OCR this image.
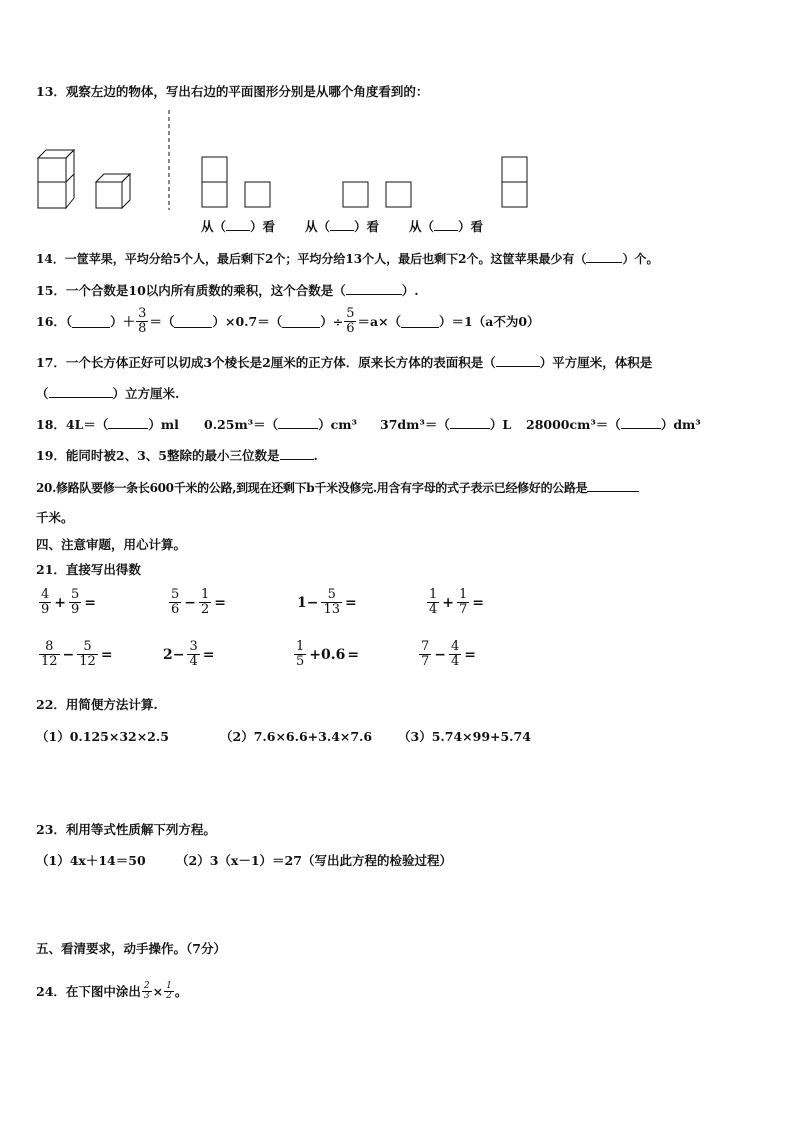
13．观察左边的物体，写出右边的平面图形分别是从哪个角度看到的：
从（ ）看 从（ ）看 从（ ）看
14．一筐苹果，平均分给5个人，最后剩下2个；平均分给13个人，最后也剩下2个。这筐苹果最少有（	）个。
15．一个合数是10以内所有质数的乘积，这个合数是（	）.
16．（	）＋ $\frac{3}{8}$ ＝（	）×0.7＝（	）÷ $\frac{5}{6} =a\times$（	）＝1（a不为0）
17．一个长方体正好可以切成3个棱长是2厘米的正方体．原来长方体的表面积是（	）平方厘米，体积是
（	）立方厘米.
18．4L＝（	）ml 0.25m³＝（	）cm³ 37dm³＝（	）L 28000cm³＝（	）dm³
19．能同时被2、3、5整除的最小三位数是	.
20.修路队要修一条长600千米的公路,到现在还剩下b千米没修完.用含有字母的式子表示已经修好的公路是
千米。
四、注意审题，用心计算。
21．直接写出得数
$\frac{4}{9} + \frac{5}{9}$ =	$\frac{5}{6} - \frac{1}{2}$ =	$1- \frac{5}{13}$ =	$\frac{1}{4} + \frac{1}{7}$ =
$\frac{8}{12} - \frac{5}{12}$ =	$2- \frac{3}{4}$ =	$\frac{1}{5} +0.6$ =	$\frac{7}{7} - \frac{4}{4}$ =
22．用简便方法计算.
（1）0.125×32×2.5	（2）7.6×6.6+3.4×7.6 （3）5.74×99+5.74
23．利用等式性质解下列方程。
（1）4x＋14＝50 （2）3（x－1）＝27（写出此方程的检验过程）
五、看清要求，动手操作。（7分）
24．在下图中涂出 $\frac{2}{3} \times \frac{1}{2}$ 。
